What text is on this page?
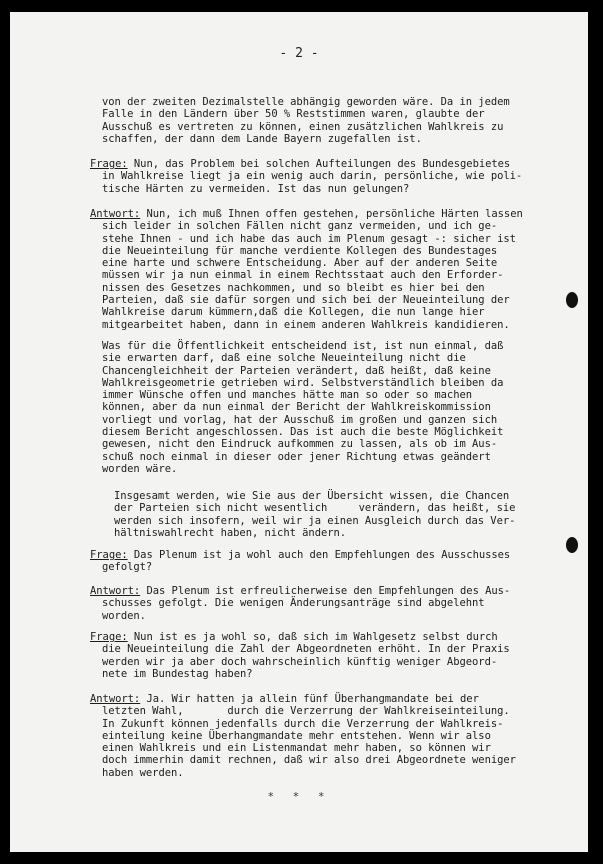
- 2 -
von der zweiten Dezimalstelle abhängig geworden wäre. Da in jedem
Falle in den Ländern über 50 % Reststimmen waren, glaubte der
Ausschuß es vertreten zu können, einen zusätzlichen Wahlkreis zu
schaffen, der dann dem Lande Bayern zugefallen ist.
Frage: Nun, das Problem bei solchen Aufteilungen des Bundesgebietes
in Wahlkreise liegt ja ein wenig auch darin, persönliche, wie poli-
tische Härten zu vermeiden. Ist das nun gelungen?
Antwort: Nun, ich muß Ihnen offen gestehen, persönliche Härten lassen
sich leider in solchen Fällen nicht ganz vermeiden, und ich ge-
stehe Ihnen - und ich habe das auch im Plenum gesagt -: sicher ist
die Neueinteilung für manche verdiente Kollegen des Bundestages
eine harte und schwere Entscheidung. Aber auf der anderen Seite
müssen wir ja nun einmal in einem Rechtsstaat auch den Erforder-
nissen des Gesetzes nachkommen, und so bleibt es hier bei den
Parteien, daß sie dafür sorgen und sich bei der Neueinteilung der
Wahlkreise darum kümmern,daß die Kollegen, die nun lange hier
mitgearbeitet haben, dann in einem anderen Wahlkreis kandidieren.
Was für die Öffentlichkeit entscheidend ist, ist nun einmal, daß
sie erwarten darf, daß eine solche Neueinteilung nicht die
Chancengleichheit der Parteien verändert, daß heißt, daß keine
Wahlkreisgeometrie getrieben wird. Selbstverständlich bleiben da
immer Wünsche offen und manches hätte man so oder so machen
können, aber da nun einmal der Bericht der Wahlkreiskommission
vorliegt und vorlag, hat der Ausschuß im großen und ganzen sich
diesem Bericht angeschlossen. Das ist auch die beste Möglichkeit
gewesen, nicht den Eindruck aufkommen zu lassen, als ob im Aus-
schuß noch einmal in dieser oder jener Richtung etwas geändert
worden wäre.
Insgesamt werden, wie Sie aus der Übersicht wissen, die Chancen
der Parteien sich nicht wesentlich     verändern, das heißt, sie
werden sich insofern, weil wir ja einen Ausgleich durch das Ver-
hältniswahlrecht haben, nicht ändern.
Frage: Das Plenum ist ja wohl auch den Empfehlungen des Ausschusses
gefolgt?
Antwort: Das Plenum ist erfreulicherweise den Empfehlungen des Aus-
schusses gefolgt. Die wenigen Änderungsanträge sind abgelehnt
worden.
Frage: Nun ist es ja wohl so, daß sich im Wahlgesetz selbst durch
die Neueinteilung die Zahl der Abgeordneten erhöht. In der Praxis
werden wir ja aber doch wahrscheinlich künftig weniger Abgeord-
nete im Bundestag haben?
Antwort: Ja. Wir hatten ja allein fünf Überhangmandate bei der
letzten Wahl,       durch die Verzerrung der Wahlkreiseinteilung.
In Zukunft können jedenfalls durch die Verzerrung der Wahlkreis-
einteilung keine Überhangmandate mehr entstehen. Wenn wir also
einen Wahlkreis und ein Listenmandat mehr haben, so können wir
doch immerhin damit rechnen, daß wir also drei Abgeordnete weniger
haben werden.
* * *
